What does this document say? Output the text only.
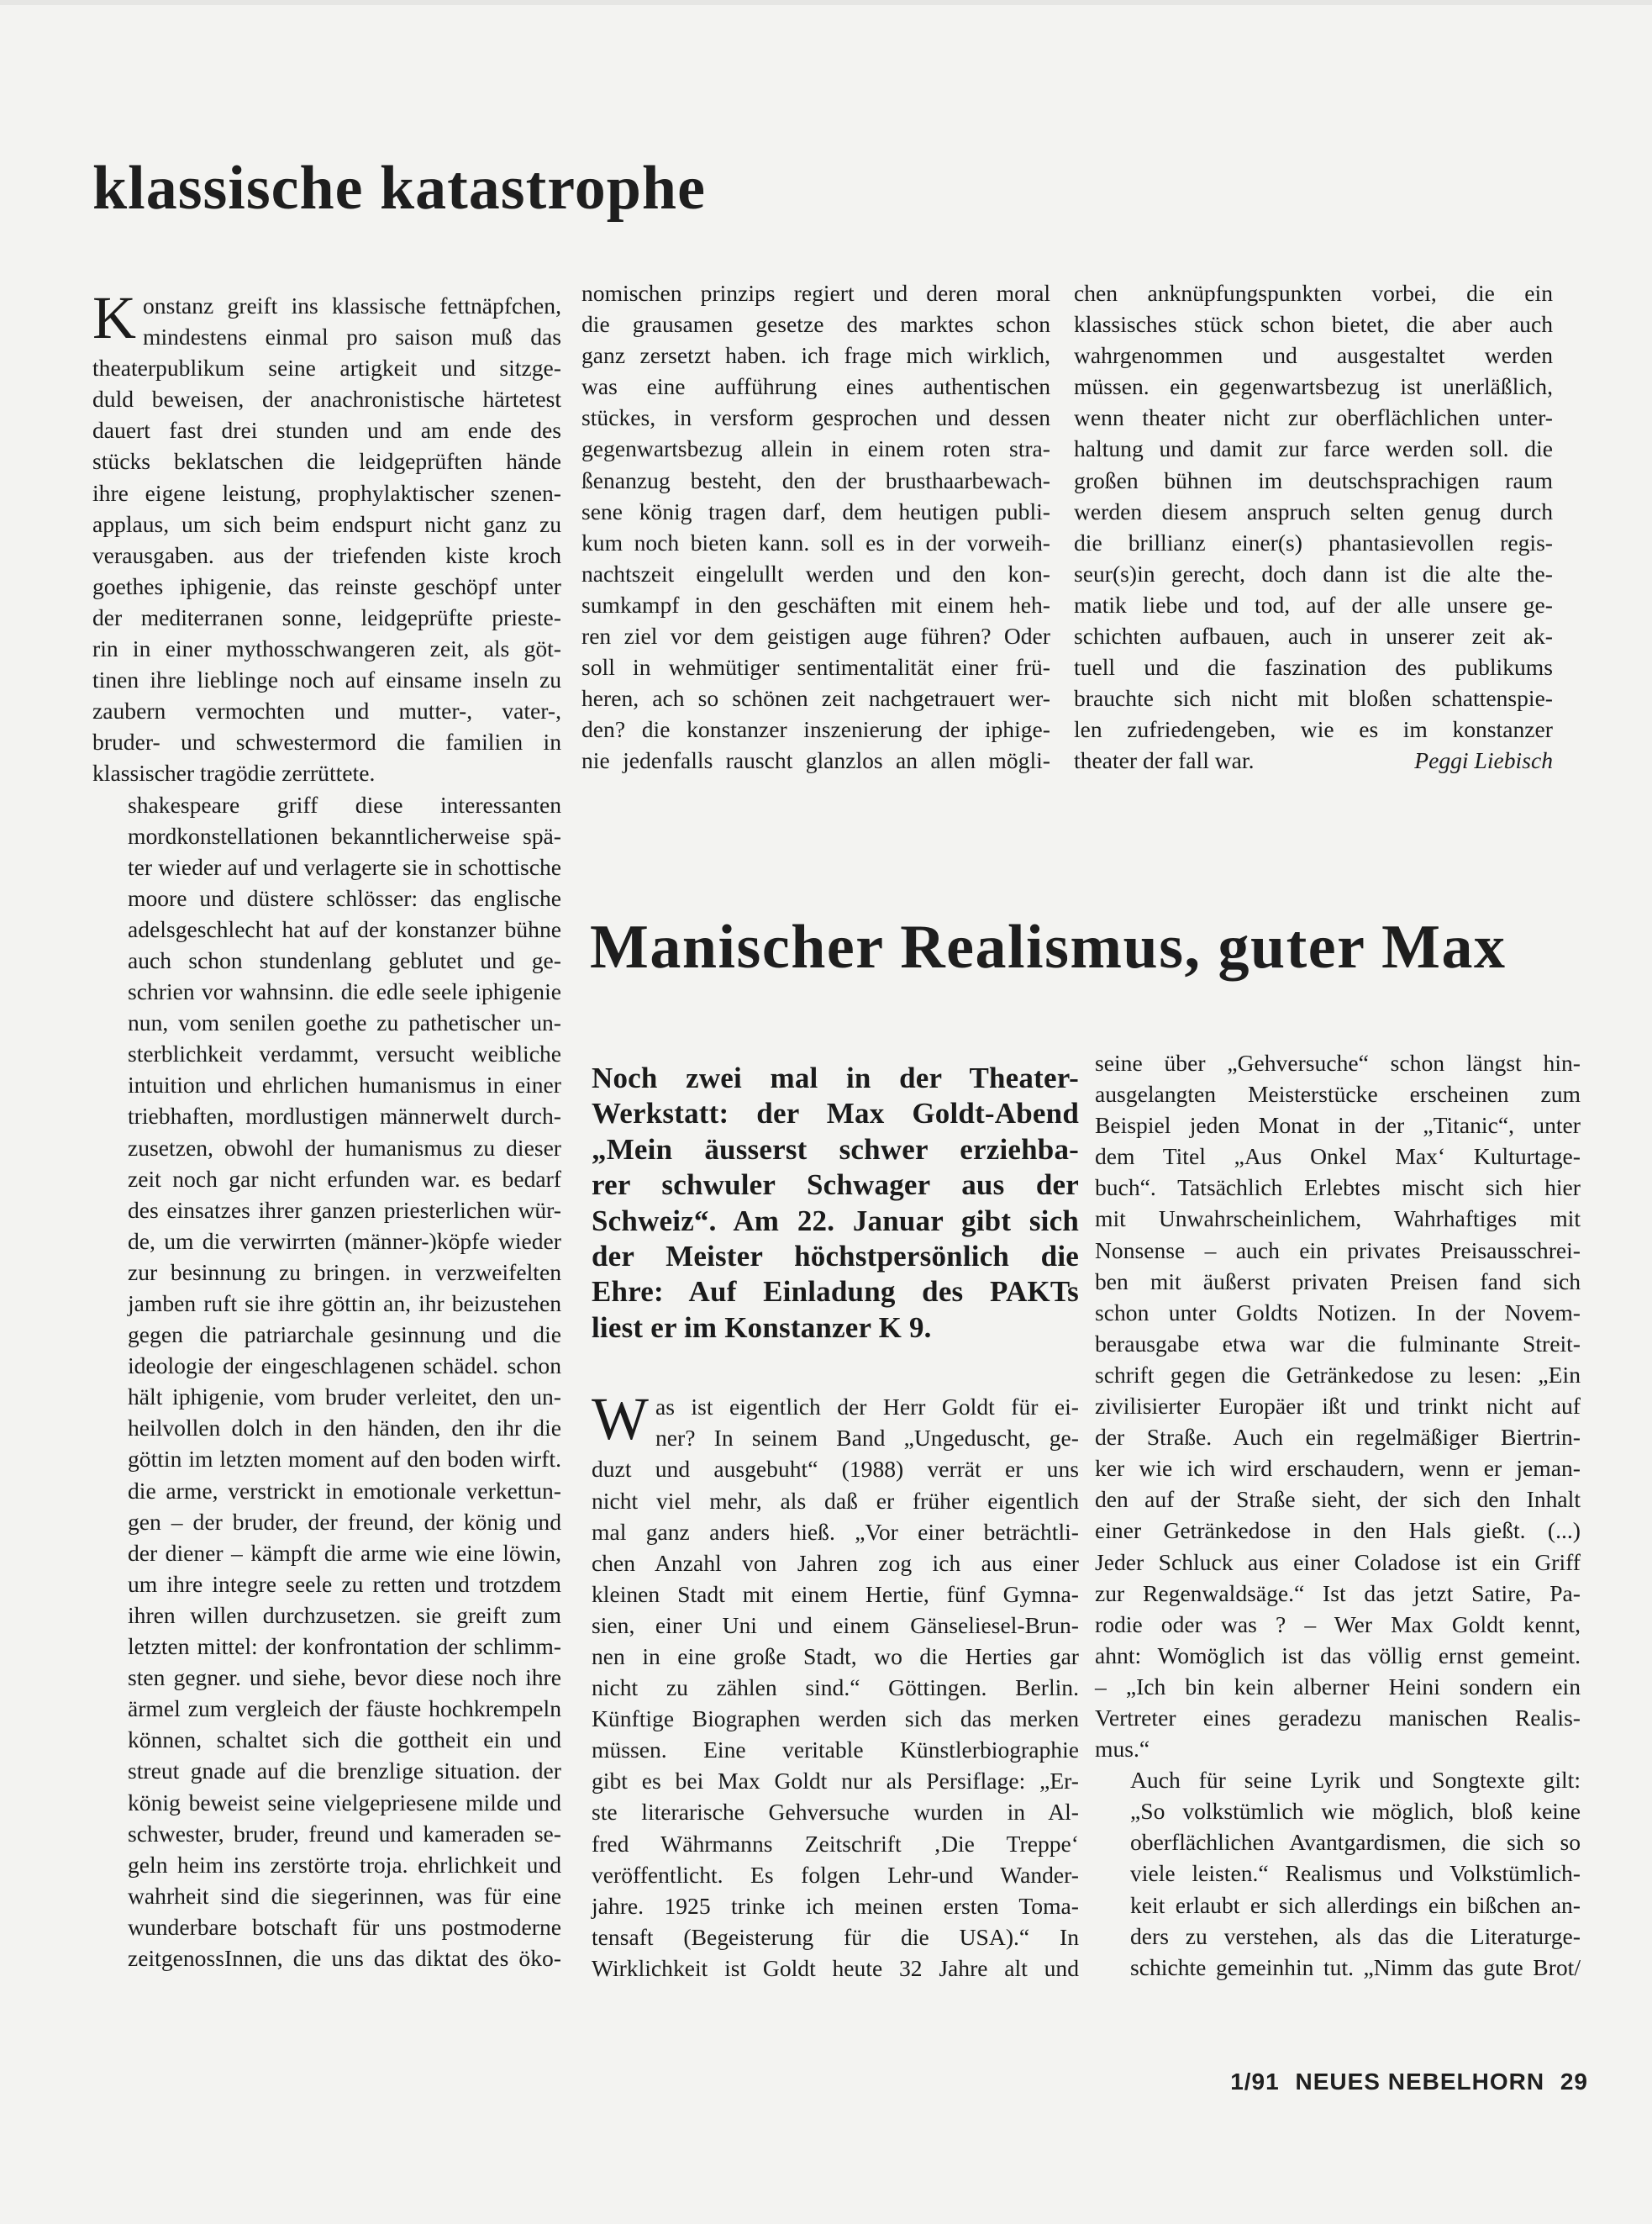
klassische katastrophe

K onstanz greift ins klassische fettnäpfchen,
mindestens einmal pro saison muß das
theaterpublikum seine artigkeit und sitzge-
duld beweisen, der anachronistische härtetest
dauert fast drei stunden und am ende des
stücks beklatschen die leidgeprüften hände
ihre eigene leistung, prophylaktischer szenen-
applaus, um sich beim endspurt nicht ganz zu
verausgaben. aus der triefenden kiste kroch
goethes iphigenie, das reinste geschöpf unter
der mediterranen sonne, leidgeprüfte prieste-
rin in einer mythosschwangeren zeit, als göt-
tinen ihre lieblinge noch auf einsame inseln zu
zaubern vermochten und mutter-, vater-,
bruder- und schwestermord die familien in
klassischer tragödie zerrüttete.

shakespeare griff diese interessanten
mordkonstellationen bekanntlicherweise spä-
ter wieder auf und verlagerte sie in schottische
moore und düstere schlösser: das englische
adelsgeschlecht hat auf der konstanzer bühne
auch schon stundenlang geblutet und ge-
schrien vor wahnsinn. die edle seele iphigenie
nun, vom senilen goethe zu pathetischer un-
sterblichkeit verdammt, versucht weibliche
intuition und ehrlichen humanismus in einer
triebhaften, mordlustigen männerwelt durch-
zusetzen, obwohl der humanismus zu dieser
zeit noch gar nicht erfunden war. es bedarf
des einsatzes ihrer ganzen priesterlichen wür-
de, um die verwirrten (männer-)köpfe wieder
zur besinnung zu bringen. in verzweifelten
jamben ruft sie ihre göttin an, ihr beizustehen
gegen die patriarchale gesinnung und die
ideologie der eingeschlagenen schädel. schon
hält iphigenie, vom bruder verleitet, den un-
heilvollen dolch in den händen, den ihr die
göttin im letzten moment auf den boden wirft.
die arme, verstrickt in emotionale verkettun-
gen – der bruder, der freund, der könig und
der diener – kämpft die arme wie eine löwin,
um ihre integre seele zu retten und trotzdem
ihren willen durchzusetzen. sie greift zum
letzten mittel: der konfrontation der schlimm-
sten gegner. und siehe, bevor diese noch ihre
ärmel zum vergleich der fäuste hochkrempeln
können, schaltet sich die gottheit ein und
streut gnade auf die brenzlige situation. der
könig beweist seine vielgepriesene milde und
schwester, bruder, freund und kameraden se-
geln heim ins zerstörte troja. ehrlichkeit und
wahrheit sind die siegerinnen, was für eine
wunderbare botschaft für uns postmoderne
zeitgenossInnen, die uns das diktat des öko-

nomischen prinzips regiert und deren moral
die grausamen gesetze des marktes schon
ganz zersetzt haben. ich frage mich wirklich,
was eine aufführung eines authentischen
stückes, in versform gesprochen und dessen
gegenwartsbezug allein in einem roten stra-
ßenanzug besteht, den der brusthaarbewach-
sene könig tragen darf, dem heutigen publi-
kum noch bieten kann. soll es in der vorweih-
nachtszeit eingelullt werden und den kon-
sumkampf in den geschäften mit einem heh-
ren ziel vor dem geistigen auge führen? Oder
soll in wehmütiger sentimentalität einer frü-
heren, ach so schönen zeit nachgetrauert wer-
den? die konstanzer inszenierung der iphige-
nie jedenfalls rauscht glanzlos an allen mögli-

chen anknüpfungspunkten vorbei, die ein
klassisches stück schon bietet, die aber auch
wahrgenommen und ausgestaltet werden
müssen. ein gegenwartsbezug ist unerläßlich,
wenn theater nicht zur oberflächlichen unter-
haltung und damit zur farce werden soll. die
großen bühnen im deutschsprachigen raum
werden diesem anspruch selten genug durch
die brillianz einer(s) phantasievollen regis-
seur(s)in gerecht, doch dann ist die alte the-
matik liebe und tod, auf der alle unsere ge-
schichten aufbauen, auch in unserer zeit ak-
tuell und die faszination des publikums
brauchte sich nicht mit bloßen schattenspie-
len zufriedengeben, wie es im konstanzer
theater der fall war.	Peggi Liebisch

Manischer Realismus, guter Max
Noch zwei mal in der Theater-
Werkstatt: der Max Goldt-Abend
„Mein äusserst schwer erziehba-
rer schwuler Schwager aus der
Schweiz“. Am 22. Januar gibt sich
der Meister höchstpersönlich die
Ehre: Auf Einladung des PAKTs
liest er im Konstanzer K 9.

W as ist eigentlich der Herr Goldt für ei-
ner? In seinem Band „Ungeduscht, ge-
duzt und ausgebuht“ (1988) verrät er uns
nicht viel mehr, als daß er früher eigentlich
mal ganz anders hieß. „Vor einer beträchtli-
chen Anzahl von Jahren zog ich aus einer
kleinen Stadt mit einem Hertie, fünf Gymna-
sien, einer Uni und einem Gänseliesel-Brun-
nen in eine große Stadt, wo die Herties gar
nicht zu zählen sind.“ Göttingen. Berlin.
Künftige Biographen werden sich das merken
müssen. Eine veritable Künstlerbiographie
gibt es bei Max Goldt nur als Persiflage: „Er-
ste literarische Gehversuche wurden in Al-
fred Währmanns Zeitschrift ‚Die Treppe‘
veröffentlicht. Es folgen Lehr-und Wander-
jahre. 1925 trinke ich meinen ersten Toma-
tensaft (Begeisterung für die USA).“ In
Wirklichkeit ist Goldt heute 32 Jahre alt und

seine über „Gehversuche“ schon längst hin-
ausgelangten Meisterstücke erscheinen zum
Beispiel jeden Monat in der „Titanic“, unter
dem Titel „Aus Onkel Max‘ Kulturtage-
buch“. Tatsächlich Erlebtes mischt sich hier
mit Unwahrscheinlichem, Wahrhaftiges mit
Nonsense – auch ein privates Preisausschrei-
ben mit äußerst privaten Preisen fand sich
schon unter Goldts Notizen. In der Novem-
berausgabe etwa war die fulminante Streit-
schrift gegen die Getränkedose zu lesen: „Ein
zivilisierter Europäer ißt und trinkt nicht auf
der Straße. Auch ein regelmäßiger Biertrin-
ker wie ich wird erschaudern, wenn er jeman-
den auf der Straße sieht, der sich den Inhalt
einer Getränkedose in den Hals gießt. (...)
Jeder Schluck aus einer Coladose ist ein Griff
zur Regenwaldsäge.“ Ist das jetzt Satire, Pa-
rodie oder was ? – Wer Max Goldt kennt,
ahnt: Womöglich ist das völlig ernst gemeint.
– „Ich bin kein alberner Heini sondern ein
Vertreter eines geradezu manischen Realis-
mus.“

Auch für seine Lyrik und Songtexte gilt:
„So volkstümlich wie möglich, bloß keine
oberflächlichen Avantgardismen, die sich so
viele leisten.“ Realismus und Volkstümlich-
keit erlaubt er sich allerdings ein bißchen an-
ders zu verstehen, als das die Literaturge-
schichte gemeinhin tut. „Nimm das gute Brot/

1/91 NEUES NEBELHORN 29
